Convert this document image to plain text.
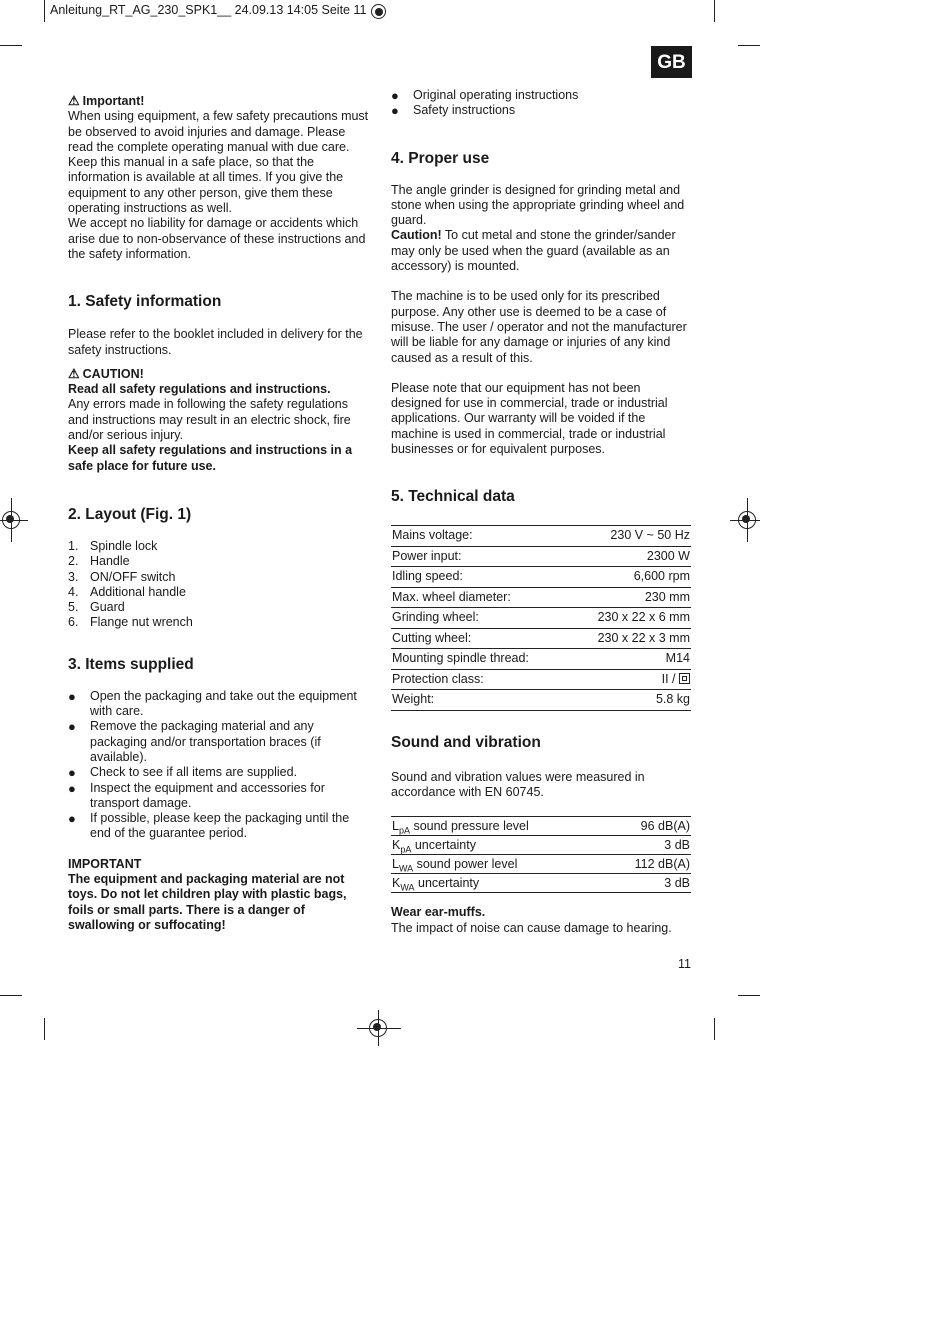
Anleitung_RT_AG_230_SPK1__ 24.09.13 14:05 Seite 11
GB

⚠ Important!

When using equipment, a few safety precautions must be observed to avoid injuries and damage. Please read the complete operating manual with due care. Keep this manual in a safe place, so that the information is available at all times. If you give the equipment to any other person, give them these operating instructions as well.

We accept no liability for damage or accidents which arise due to non-observance of these instructions and the safety information.

1. Safety information

Please refer to the booklet included in delivery for the safety instructions.

⚠ CAUTION!

Read all safety regulations and instructions.

Any errors made in following the safety regulations and instructions may result in an electric shock, fire and/or serious injury.

Keep all safety regulations and instructions in a safe place for future use.

2. Layout (Fig. 1)
1. Spindle lock
2. Handle
3. ON/OFF switch
4. Additional handle
5. Guard
6. Flange nut wrench
3. Items supplied
●	Open the packaging and take out the equipment with care.
●	Remove the packaging material and any packaging and/or transportation braces (if available).
●	Check to see if all items are supplied.
●	Inspect the equipment and accessories for transport damage.
●	If possible, please keep the packaging until the end of the guarantee period.

IMPORTANT

The equipment and packaging material are not toys. Do not let children play with plastic bags, foils or small parts. There is a danger of swallowing or suffocating!

●	Original operating instructions
●	Safety instructions
4. Proper use

The angle grinder is designed for grinding metal and stone when using the appropriate grinding wheel and guard.

Caution! To cut metal and stone the grinder/sander may only be used when the guard (available as an accessory) is mounted.

The machine is to be used only for its prescribed purpose. Any other use is deemed to be a case of misuse. The user / operator and not the manufacturer will be liable for any damage or injuries of any kind caused as a result of this.

Please note that our equipment has not been designed for use in commercial, trade or industrial applications. Our warranty will be voided if the machine is used in commercial, trade or industrial businesses or for equivalent purposes.

5. Technical data
Mains voltage:	230 V ~ 50 Hz
Power input:	2300 W
Idling speed:	6,600 rpm
Max. wheel diameter:	230 mm
Grinding wheel:	230 x 22 x 6 mm
Cutting wheel:	230 x 22 x 3 mm
Mounting spindle thread:	M14
Protection class:	II /
Weight:	5.8 kg
Sound and vibration

Sound and vibration values were measured in accordance with EN 60745.

$L_{pA}$ sound pressure level	96 dB(A)
$K_{pA}$ uncertainty	3 dB
$L_{WA}$ sound power level	112 dB(A)
$K_{WA}$ uncertainty	3 dB

Wear ear-muffs.

The impact of noise can cause damage to hearing.

11
